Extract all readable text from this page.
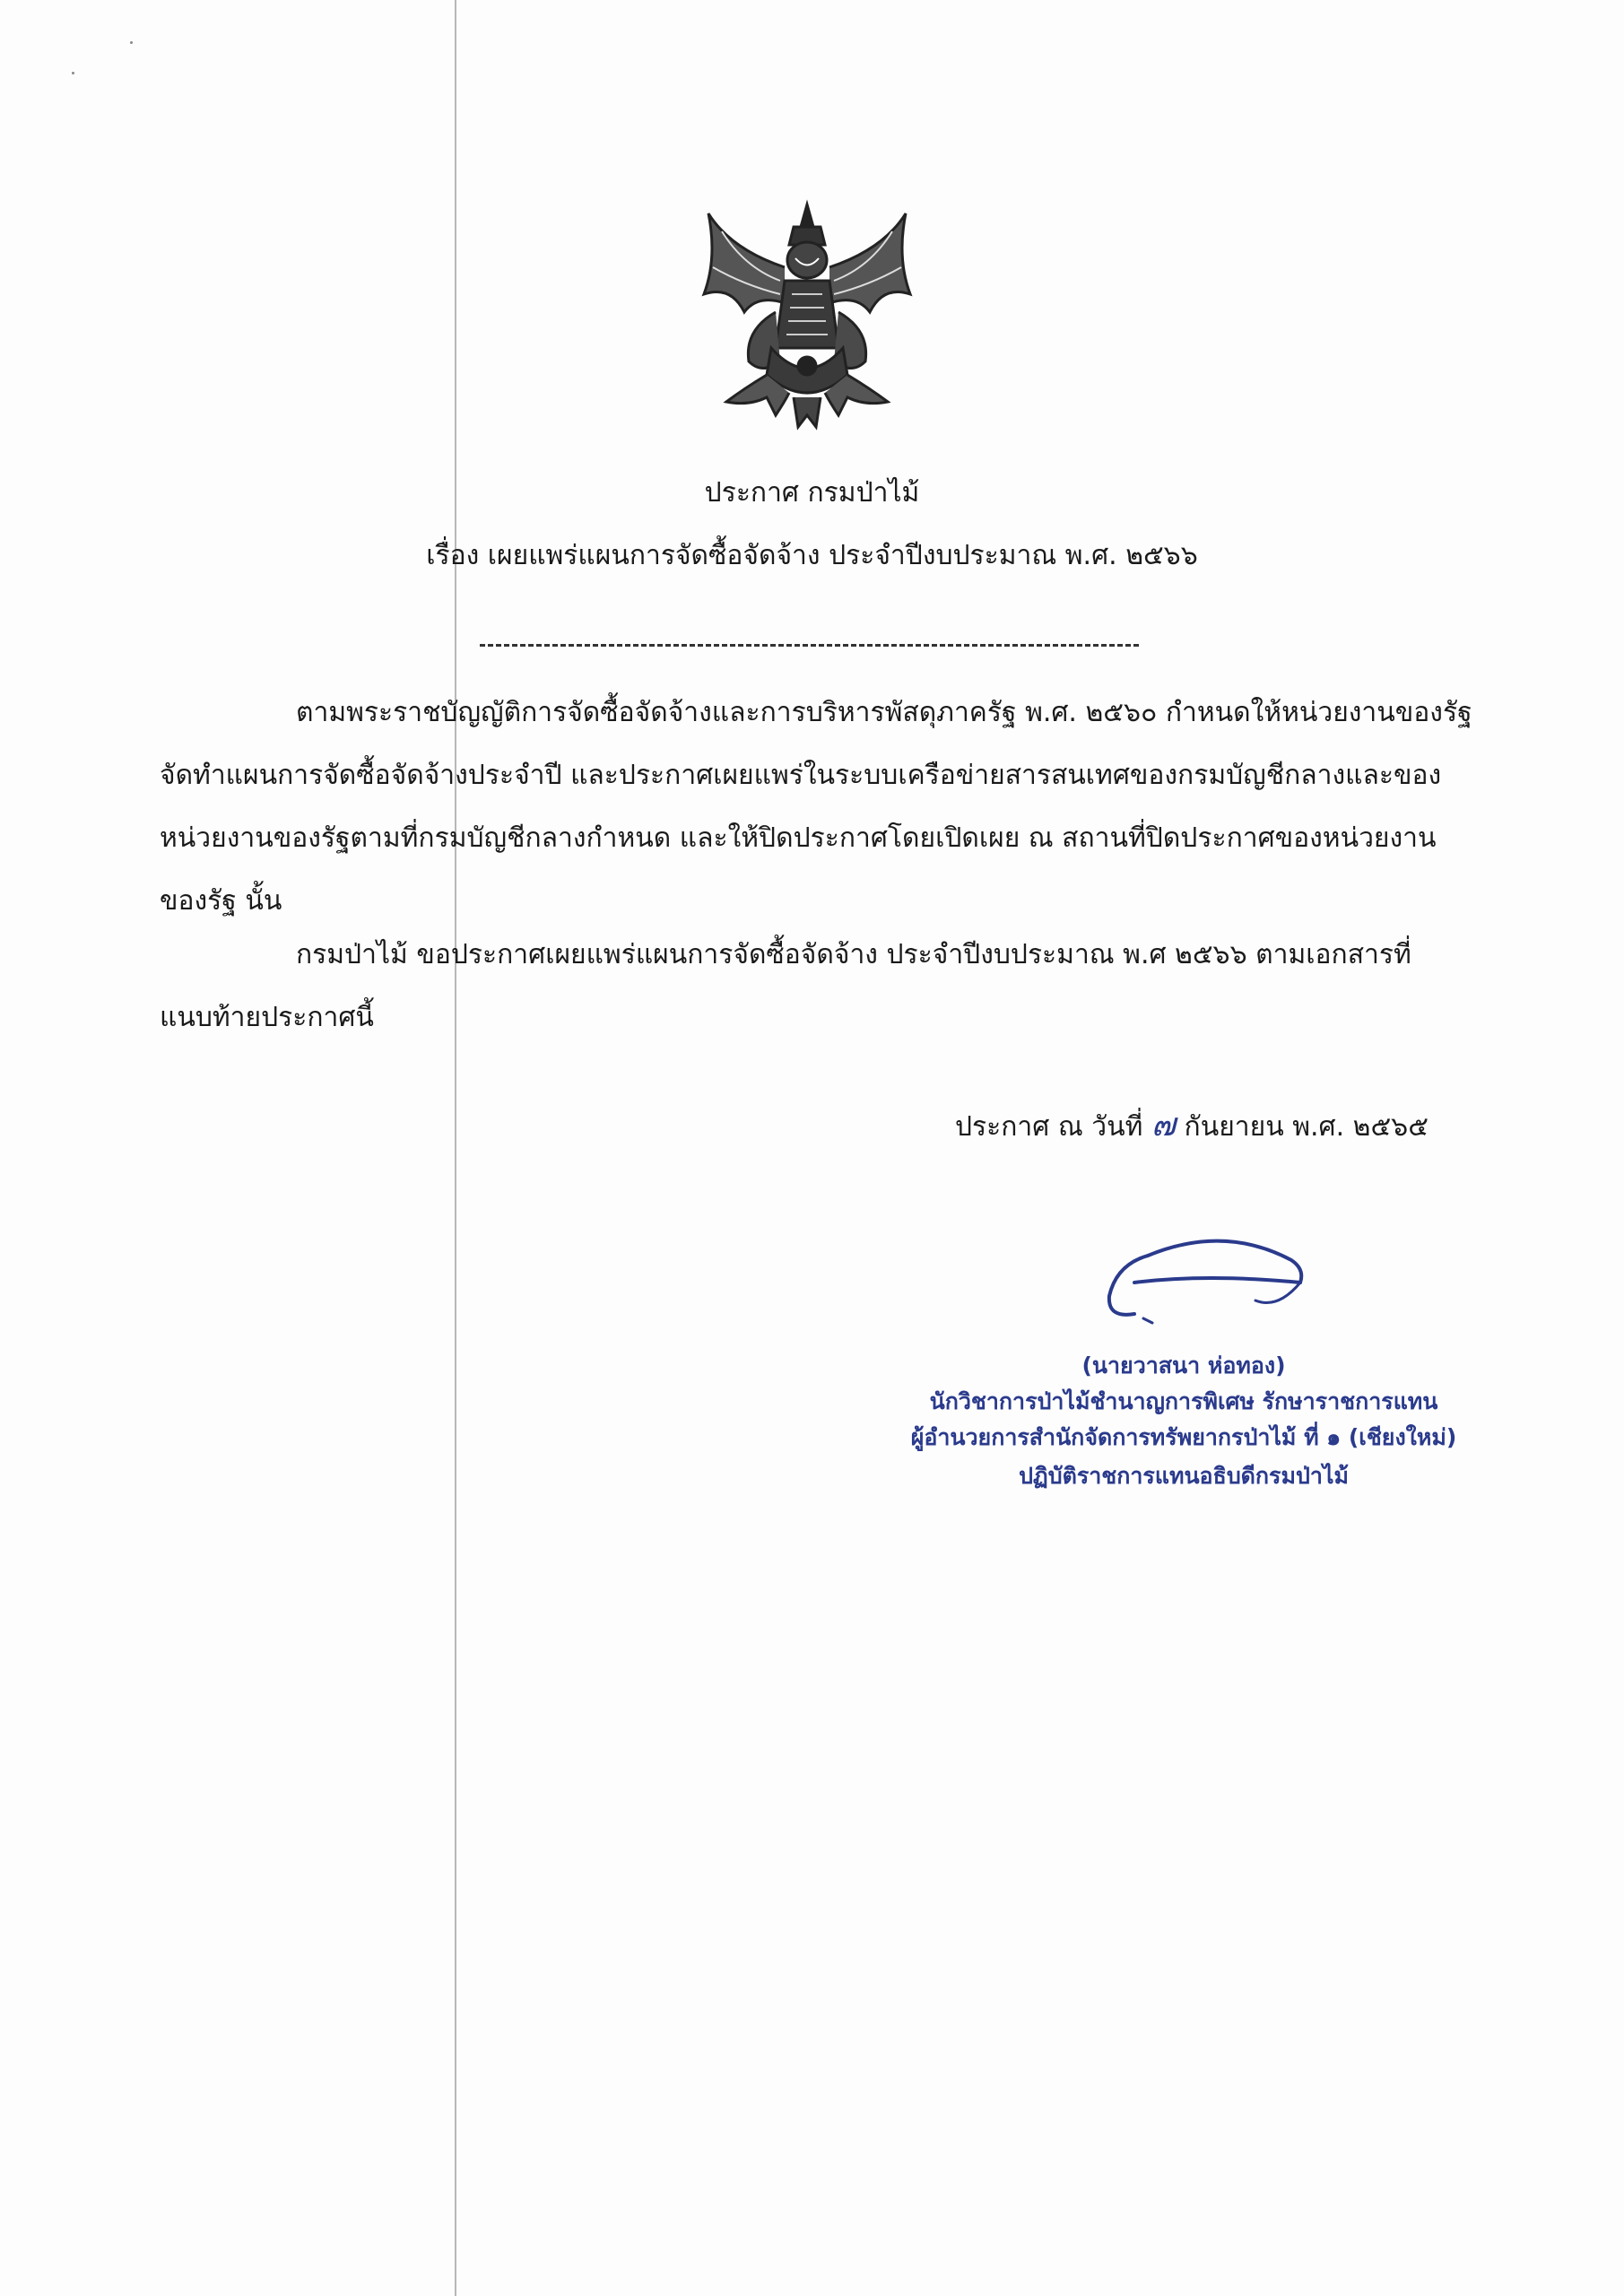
ประกาศ กรมป่าไม้
เรื่อง เผยแพร่แผนการจัดซื้อจัดจ้าง ประจำปีงบประมาณ พ.ศ. ๒๕๖๖
ตามพระราชบัญญัติการจัดซื้อจัดจ้างและการบริหารพัสดุภาครัฐ พ.ศ. ๒๕๖๐ กำหนดให้หน่วยงานของรัฐ
จัดทำแผนการจัดซื้อจัดจ้างประจำปี และประกาศเผยแพร่ในระบบเครือข่ายสารสนเทศของกรมบัญชีกลางและของ
หน่วยงานของรัฐตามที่กรมบัญชีกลางกำหนด และให้ปิดประกาศโดยเปิดเผย ณ สถานที่ปิดประกาศของหน่วยงาน
ของรัฐ นั้น
กรมป่าไม้ ขอประกาศเผยแพร่แผนการจัดซื้อจัดจ้าง ประจำปีงบประมาณ พ.ศ ๒๕๖๖ ตามเอกสารที่
แนบท้ายประกาศนี้
ประกาศ ณ วันที่ ๗ กันยายน พ.ศ. ๒๕๖๕
(นายวาสนา ห่อทอง)
นักวิชาการป่าไม้ชำนาญการพิเศษ รักษาราชการแทน
ผู้อำนวยการสำนักจัดการทรัพยากรป่าไม้ ที่ ๑ (เชียงใหม่)
ปฏิบัติราชการแทนอธิบดีกรมป่าไม้
